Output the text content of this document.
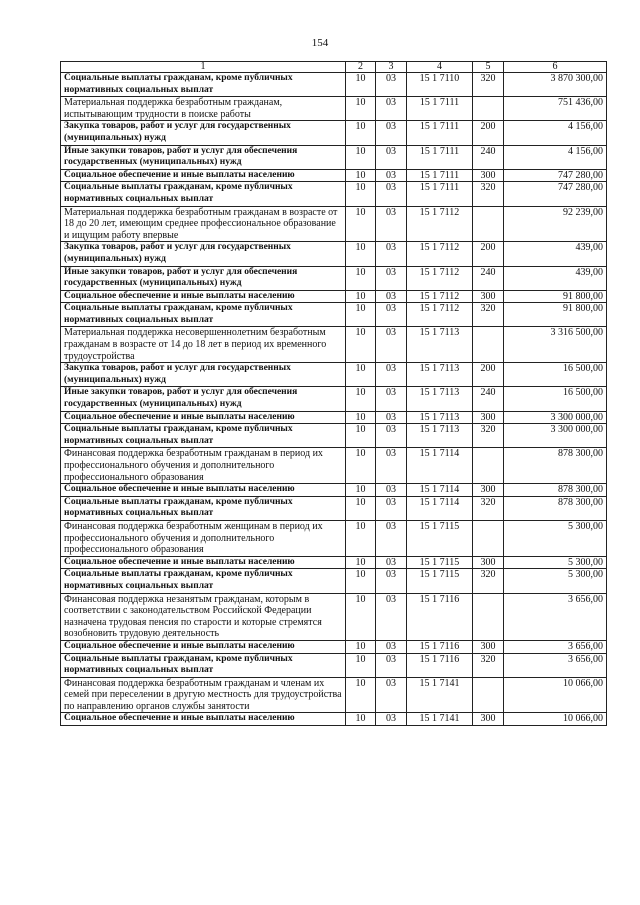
154
1	2	3	4	5	6
Социальные выплаты гражданам, кроме публичных нормативных социальных выплат	10	03	15 1 7110	320	3 870 300,00
Материальная поддержка безработным гражданам, испытывающим трудности в поиске работы	10	03	15 1 7111		751 436,00
Закупка товаров, работ и услуг для государственных (муниципальных) нужд	10	03	15 1 7111	200	4 156,00
Иные закупки товаров, работ и услуг для обеспечения государственных (муниципальных) нужд	10	03	15 1 7111	240	4 156,00
Социальное обеспечение и иные выплаты населению	10	03	15 1 7111	300	747 280,00
Социальные выплаты гражданам, кроме публичных нормативных социальных выплат	10	03	15 1 7111	320	747 280,00
Материальная поддержка безработным гражданам в возрасте от 18 до 20 лет, имеющим среднее профессиональное образование и ищущим работу впервые	10	03	15 1 7112		92 239,00
Закупка товаров, работ и услуг для государственных (муниципальных) нужд	10	03	15 1 7112	200	439,00
Иные закупки товаров, работ и услуг для обеспечения государственных (муниципальных) нужд	10	03	15 1 7112	240	439,00
Социальное обеспечение и иные выплаты населению	10	03	15 1 7112	300	91 800,00
Социальные выплаты гражданам, кроме публичных нормативных социальных выплат	10	03	15 1 7112	320	91 800,00
Материальная поддержка несовершеннолетним безработным гражданам в возрасте от 14 до 18 лет в период их временного трудоустройства	10	03	15 1 7113		3 316 500,00
Закупка товаров, работ и услуг для государственных (муниципальных) нужд	10	03	15 1 7113	200	16 500,00
Иные закупки товаров, работ и услуг для обеспечения государственных (муниципальных) нужд	10	03	15 1 7113	240	16 500,00
Социальное обеспечение и иные выплаты населению	10	03	15 1 7113	300	3 300 000,00
Социальные выплаты гражданам, кроме публичных нормативных социальных выплат	10	03	15 1 7113	320	3 300 000,00
Финансовая поддержка безработным гражданам в период их профессионального обучения и дополнительного профессионального образования	10	03	15 1 7114		878 300,00
Социальное обеспечение и иные выплаты населению	10	03	15 1 7114	300	878 300,00
Социальные выплаты гражданам, кроме публичных нормативных социальных выплат	10	03	15 1 7114	320	878 300,00
Финансовая поддержка безработным женщинам в период их профессионального обучения и дополнительного профессионального образования	10	03	15 1 7115		5 300,00
Социальное обеспечение и иные выплаты населению	10	03	15 1 7115	300	5 300,00
Социальные выплаты гражданам, кроме публичных нормативных социальных выплат	10	03	15 1 7115	320	5 300,00
Финансовая поддержка незанятым гражданам, которым в соответствии с законодательством Российской Федерации назначена трудовая пенсия по старости и которые стремятся возобновить трудовую деятельность	10	03	15 1 7116		3 656,00
Социальное обеспечение и иные выплаты населению	10	03	15 1 7116	300	3 656,00
Социальные выплаты гражданам, кроме публичных нормативных социальных выплат	10	03	15 1 7116	320	3 656,00
Финансовая поддержка безработным гражданам и членам их семей при переселении в другую местность для трудоустройства по направлению органов службы занятости	10	03	15 1 7141		10 066,00
Социальное обеспечение и иные выплаты населению	10	03	15 1 7141	300	10 066,00
